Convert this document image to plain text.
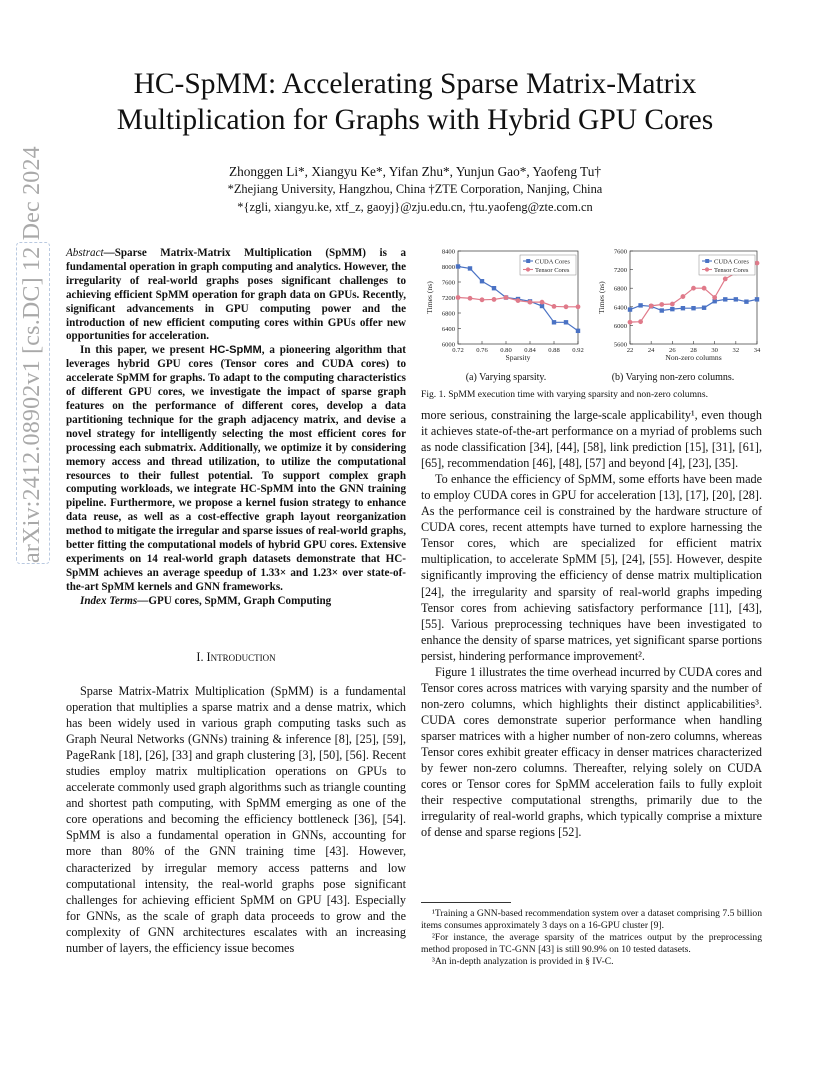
arXiv:2412.08902v1 [cs.DC] 12 Dec 2024
HC-SpMM: Accelerating Sparse Matrix-Matrix
Multiplication for Graphs with Hybrid GPU Cores
Zhonggen Li*, Xiangyu Ke*, Yifan Zhu*, Yunjun Gao*, Yaofeng Tu†
*Zhejiang University, Hangzhou, China †ZTE Corporation, Nanjing, China
*{zgli, xiangyu.ke, xtf_z, gaoyj}@zju.edu.cn, †tu.yaofeng@zte.com.cn

Abstract—Sparse Matrix-Matrix Multiplication (SpMM) is a fundamental operation in graph computing and analytics. However, the irregularity of real-world graphs poses significant challenges to achieving efficient SpMM operation for graph data on GPUs. Recently, significant advancements in GPU computing power and the introduction of new efficient computing cores within GPUs offer new opportunities for acceleration.

In this paper, we present HC-SpMM, a pioneering algorithm that leverages hybrid GPU cores (Tensor cores and CUDA cores) to accelerate SpMM for graphs. To adapt to the computing characteristics of different GPU cores, we investigate the impact of sparse graph features on the performance of different cores, develop a data partitioning technique for the graph adjacency matrix, and devise a novel strategy for intelligently selecting the most efficient cores for processing each submatrix. Additionally, we optimize it by considering memory access and thread utilization, to utilize the computational resources to their fullest potential. To support complex graph computing workloads, we integrate HC-SpMM into the GNN training pipeline. Furthermore, we propose a kernel fusion strategy to enhance data reuse, as well as a cost-effective graph layout reorganization method to mitigate the irregular and sparse issues of real-world graphs, better fitting the computational models of hybrid GPU cores. Extensive experiments on 14 real-world graph datasets demonstrate that HC-SpMM achieves an average speedup of 1.33× and 1.23× over state-of-the-art SpMM kernels and GNN frameworks.

Index Terms—GPU cores, SpMM, Graph Computing

I. Introduction

Sparse Matrix-Matrix Multiplication (SpMM) is a fundamental operation that multiplies a sparse matrix and a dense matrix, which has been widely used in various graph computing tasks such as Graph Neural Networks (GNNs) training & inference [8], [25], [59], PageRank [18], [26], [33] and graph clustering [3], [50], [56]. Recent studies employ matrix multiplication operations on GPUs to accelerate commonly used graph algorithms such as triangle counting and shortest path computing, with SpMM emerging as one of the core operations and becoming the efficiency bottleneck [36], [54]. SpMM is also a fundamental operation in GNNs, accounting for more than 80% of the GNN training time [43]. However, characterized by irregular memory access patterns and low computational intensity, the real-world graphs pose significant challenges for achieving efficient SpMM on GPU [43]. Especially for GNNs, as the scale of graph data proceeds to grow and the complexity of GNN architectures escalates with an increasing number of layers, the efficiency issue becomes

6000
6400
6800
7200
7600
8000
8400
0.72 0.76 0.80 0.84 0.88 0.92
Sparsity
Times (ns)
CUDA Cores
Tensor Cores
5600
6000
6400
6800
7200
7600
22 24 26 28 30 32 34
Non-zero columns
Times (ns)
CUDA Cores
Tensor Cores
(a) Varying sparsity.	(b) Varying non-zero columns.
Fig. 1. SpMM execution time with varying sparsity and non-zero columns.

more serious, constraining the large-scale applicability¹, even though it achieves state-of-the-art performance on a myriad of problems such as node classification [34], [44], [58], link prediction [15], [31], [61], [65], recommendation [46], [48], [57] and beyond [4], [23], [35].

To enhance the efficiency of SpMM, some efforts have been made to employ CUDA cores in GPU for acceleration [13], [17], [20], [28]. As the performance ceil is constrained by the hardware structure of CUDA cores, recent attempts have turned to explore harnessing the Tensor cores, which are specialized for efficient matrix multiplication, to accelerate SpMM [5], [24], [55]. However, despite significantly improving the efficiency of dense matrix multiplication [24], the irregularity and sparsity of real-world graphs impeding Tensor cores from achieving satisfactory performance [11], [43], [55]. Various preprocessing techniques have been investigated to enhance the density of sparse matrices, yet significant sparse portions persist, hindering performance improvement².

Figure 1 illustrates the time overhead incurred by CUDA cores and Tensor cores across matrices with varying sparsity and the number of non-zero columns, which highlights their distinct applicabilities³. CUDA cores demonstrate superior performance when handling sparser matrices with a higher number of non-zero columns, whereas Tensor cores exhibit greater efficacy in denser matrices characterized by fewer non-zero columns. Thereafter, relying solely on CUDA cores or Tensor cores for SpMM acceleration fails to fully exploit their respective computational strengths, primarily due to the irregularity of real-world graphs, which typically comprise a mixture of dense and sparse regions [52].

¹Training a GNN-based recommendation system over a dataset comprising 7.5 billion items consumes approximately 3 days on a 16-GPU cluster [9].

²For instance, the average sparsity of the matrices output by the preprocessing method proposed in TC-GNN [43] is still 90.9% on 10 tested datasets.

³An in-depth analyzation is provided in § IV-C.
